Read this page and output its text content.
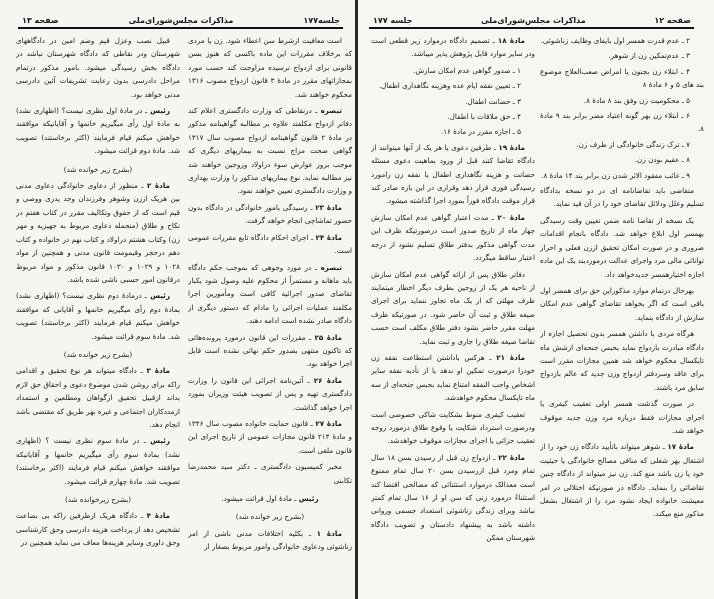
جلسه۱۷۷
مذاکرات مجلس‌شورای‌ملی
صفحه ۱۳

است معافیت ازشرط سن اعطاء شود. زن یا مردی که برخلاف مقررات این ماده باکسی که هنوز بسن قانونی برای ازدواج نرسیده مزاوجت کند حسب مورد بمجازاتهای مقرر در مادهٔ ۳ قانون ازدواج مصوب ۱۳۱۶ محکوم خواهند شد.

تبصره ـ درنقاطی که وزارت دادگستری اعلام کند دفاتر ازدواج مکلفند علاوه بر مطالبه گواهینامه مذکور در مادهٔ ۲ قانون گواهینامه ازدواج مصوب سال ۱۳۱۷ گواهی صحت مزاج نسبت به بیماریهای دیگری که موجب بروز عوارض سوء دراولاد وزوجین خواهند شد نیز مطالبه نماید. نوع بیماریهای مذکور را وزارت بهداری و وزارت دادگستری تعیین خواهند نمود.

مادهٔ ۲۳ ـ رسیدگی بامور خانوادگی در دادگاه بدون حضور تماشاچی انجام خواهد گرفت.

مادهٔ ۲۴ ـ اجرای احکام دادگاه تابع مقررات عمومی است.

تبصره ـ در مورد وجوهی که بموجب حکم دادگاه باید ماهانه و مستمراً از محکوم علیه وصول شود یکبار تقاضای صدور اجرائیه کافی است ومأمورین اجرا مکلفند عملیات اجرائی را مادام که دستور دیگری از دادگاه صادر نشده است ادامه دهند.

مادهٔ ۲۵ ـ مقررات این قانون درمورد پرونده‌هائی که تاکنون منتهی بصدور حکم نهائی نشده است قابل اجرا خواهد بود.

مادهٔ ۲۶ ـ آئین‌نامه اجرائی این قانون را وزارت دادگستری تهیه و پس از تصویب هیئت وزیران بمورد اجرا خواهد گذاشت.

مادهٔ ۲۷ ـ قانون حمایت خانواده مصوب سال ۱۳۴۶ و مادهٔ ۲۱۴ قانون مجازات عمومی از تاریخ اجرای این قانون ملغی است.

مخبر کمیسیون دادگستری ـ دکتر سید محمدرضا تکابنی

رئیس ـ مادهٔ اول قرائت میشود.

(بشرح زیر خوانده شد)

مادهٔ ۱ ـ بکلیه اختلافات مدنی ناشی از امر زناشوئی ودعاوی خانوادگی وامور مربوط بصغار از

قبیل نصب وعزل قیم وضم امین در دادگاههای شهرستان ودر نقاطی که دادگاه شهرستان نباشد در دادگاه بخش رسیدگی میشود. بامور مذکور درتمام مراحل دادرسی بدون رعایت تشریفات آئین دادرسی مدنی خواهد بود.

رئیس ـ در مادهٔ اول نظری نیست؟ (اظهاری نشد) به مادهٔ اول رأی میگیریم خانمها و آقایانیکه موافقند خواهش میکنم قیام فرمایند (اکثر برخاستند) تصویب شد. مادهٔ دوم قرائت میشود.

(بشرح زیر خوانده شد)

مادهٔ ۲ ـ منظور از دعاوی خانوادگی دعاوی مدنی بین هریک اززن وشوهر وفرزندان وجد پدری ووصی و قیم است که از حقوق وتکالیف مقرر در کتاب هفتم در نکاح و طلاق (منجمله دعاوی مربوط به جهیزیه و مهر زن) وکتاب هشتم دراولاد و کتاب نهم در خانواده و کتاب دهم درحجر وقیمومت قانون مدنی و همچنین از مواد ۱۰۲۸ و ۱۰۲۹ و ۱۰۳۰ قانون مذکور و مواد مربوط درقانون امور حسبی ناشی شده باشد.

رئیس ـ درمادهٔ دوم نظری نیست؟ (اظهاری نشد) بمادهٔ دوم رأی میگیریم خانمها و آقایانی که موافقند خواهش میکنم قیام فرمایند (اکثر برخاستند) تصویب شد. مادهٔ سوم قرائت میشود.

(بشرح زیر خوانده شد)

مادهٔ ۳ ـ دادگاه میتواند هر نوع تحقیق و اقدامی راکه برای روشن شدن موضوع دعوی و احقاق حق لازم بداند ازقبیل تحقیق ازگواهان ومطلعین و استمداد ازمددکاران اجتماعی و غیره بهر طریق که مقتضی باشد انجام دهد.

رئیس ـ در مادهٔ سوم نظری نیست ؟ (اظهاری نشد) بمادهٔ سوم رأی میگیریم خانمها و آقایانیکه موافقند خواهش میکنم قیام فرمایند (اکثر برخاستند) تصویب شد. مادهٔ چهارم قرائت میشود.

(بشرح زیرخوانده شد)

مادهٔ ۴ ـ دادگاه هریک ازطرفین راکه بی بضاعت تشخیص دهد از پرداخت هزینه دادرسی وحق کارشناسی وحق داوری وسایر هزینه‌ها معاف می نماید همچنین در

صفحه ۱۲
مذاکرات مجلس‌شورای‌ملی
جلسه ۱۷۷

۲ ـ عدم قدرت همسر اول بایفای وظایف زناشوئی.

۳ ـ عدم‌تمکین زن از شوهر.

۴ ـ ابتلاء زن بجنون یا امراض صعب‌العلاج موضوع بند های ۵ و ۶ مادهٔ ۸

۵ ـ محکومیت زن وفق بند ۸ مادهٔ ۸.

۶ ـ ابتلاء زن بهر گونه اعتیاد مضر برابر بند ۹ مادهٔ ۸.

۷ ـ ترک زندگی خانوادگی از طرف زن.

۸ ـ عقیم بودن زن.

۹ ـ غائب مفقود الاثر شدن زن برابر بند ۱۴ مادهٔ ۸.

متقاضی باید تقاضانامه ای در دو نسخه بدادگاه تسلیم وعلل ودلائل تقاضای خود را در آن قید نماید.

یک نسخه از تقاضا نامه ضمن تعیین وقت رسیدگی بهمسر اول ابلاغ خواهد شد. دادگاه بانجام اقدامات ضروری و در صورت امکان تحقیق اززن فعلی و احراز توانائی مالی مرد واجرای عدالت درموردبند یک این ماده اجازه اختیارهمسر جدیدخواهد داد.

بهرحال درتمام موارد مذکوراین حق برای همسر اول باقی است که اگر بخواهد تقاضای گواهی عدم امکان سازش از دادگاه بنماید.

هرگاه مردی با داشتن همسر بدون تحصیل اجازه از دادگاه مبادرت بازدواج نماید بحبس جنحه‌ای ازشش ماه تایکسال محکوم خواهد شد همین مجازات مقرر است برای عاقد وسردفتر ازدواج وزن جدید که عالم بازدواج سابق مرد باشند.

در صورت گذشت همسر اولی تعقیب کیفری یا اجرای مجازات فقط درباره مرد وزن جدید موقوف خواهد شد.

مادهٔ ۱۷ ـ شوهر میتواند باتأیید دادگاه زن خود را از اشتغال بهر شغلی که منافی مصالح خانوادگی یا حیثیت خود یا زن باشد منع کند. زن نیز میتواند از دادگاه چنین تقاضائی را بنماید. دادگاه در صورتیکه اختلالی در امر معیشت خانواده ایجاد نشود مرد را از اشتغال بشغل مذکور منع میکند.

مادهٔ ۱۸ ـ تصمیم دادگاه درموارد زیر قطعی است ودر سایر موارد قابل پژوهش پذیر میباشد.

۱ ـ صدور گواهی عدم امکان سازش.

۲ ـ تعیین نفقه ایام عده وهزینه نگاهداری اطفال.

۳ ـ حضانت اطفال.

۴ ـ حق ملاقات با اطفال.

۵ ـ اجازه مقرر در مادهٔ ۱۶.

مادهٔ ۱۹ ـ طرفین دعوی یا هر یک از آنها میتوانند از دادگاه تقاضا کنند قبل از ورود بماهیت دعوی مسئله حضانت و هزینه نگاهداری اطفال یا نفقه زن رامورد رسیدگی فوری قرار دهد وقراری در این باره صادر کند قرار موقت دادگاه فوراً بمورد اجرا گذاشته میشود.

مادهٔ ۲۰ ـ مدت اعتبار گواهی عدم امکان سازش چهار ماه از تاریخ صدور است درصورتیکه ظرف این مدت گواهی مذکور بدفتر طلاق تسلیم نشود از درجه اعتبار ساقط میگردد.

دفاتر طلاق پس از ارائه گواهی عدم امکان سازش از ناحیه هر یک از زوجین بطرف دیگر اخطار مینمایند ظرف مهلتی که از یک ماه تجاوز ننماید برای اجرای صیغه طلاق و ثبت آن حاضر شود. در صورتیکه ظرف مهلت مقرر حاضر نشود دفتر طلاق مکلف است حسب تقاضا صیغه طلاق را جاری و ثبت نماید.

مادهٔ ۲۱ ـ هرکس باداشتن استطاعت نفقه زن خودرا درصورت تمکین او ندهد یا از تأدیه نفقه سایر اشخاص واجب النفقه امتناع نماید بحبس جنحه‌ای از سه ماه تایکسال محکوم خواهدشد.

تعقیب کیفری منوط بشکایت شاکی خصوصی است ودرصورت استرداد شکایت یا وقوع طلاق درمورد زوجه تعقیب جزائی یا اجرای مجازات موقوف خواهدشد.

مادهٔ ۲۲ ـ ازدواج زن قبل از رسیدن بسن ۱۸ سال تمام ومرد قبل ازرسیدن بسن ۲۰ سال تمام ممنوع است معذالک درموارد استثنائی که مصالحی اقتضا کند استثناءً درمورد زنی که سن او از ۱۶ سال تمام کمتر نباشد وبرای زندگی زناشوئی استعداد جسمی وروانی داشته باشد به پیشنهاد دادستان و تصویب دادگاه شهرستان ممکن
